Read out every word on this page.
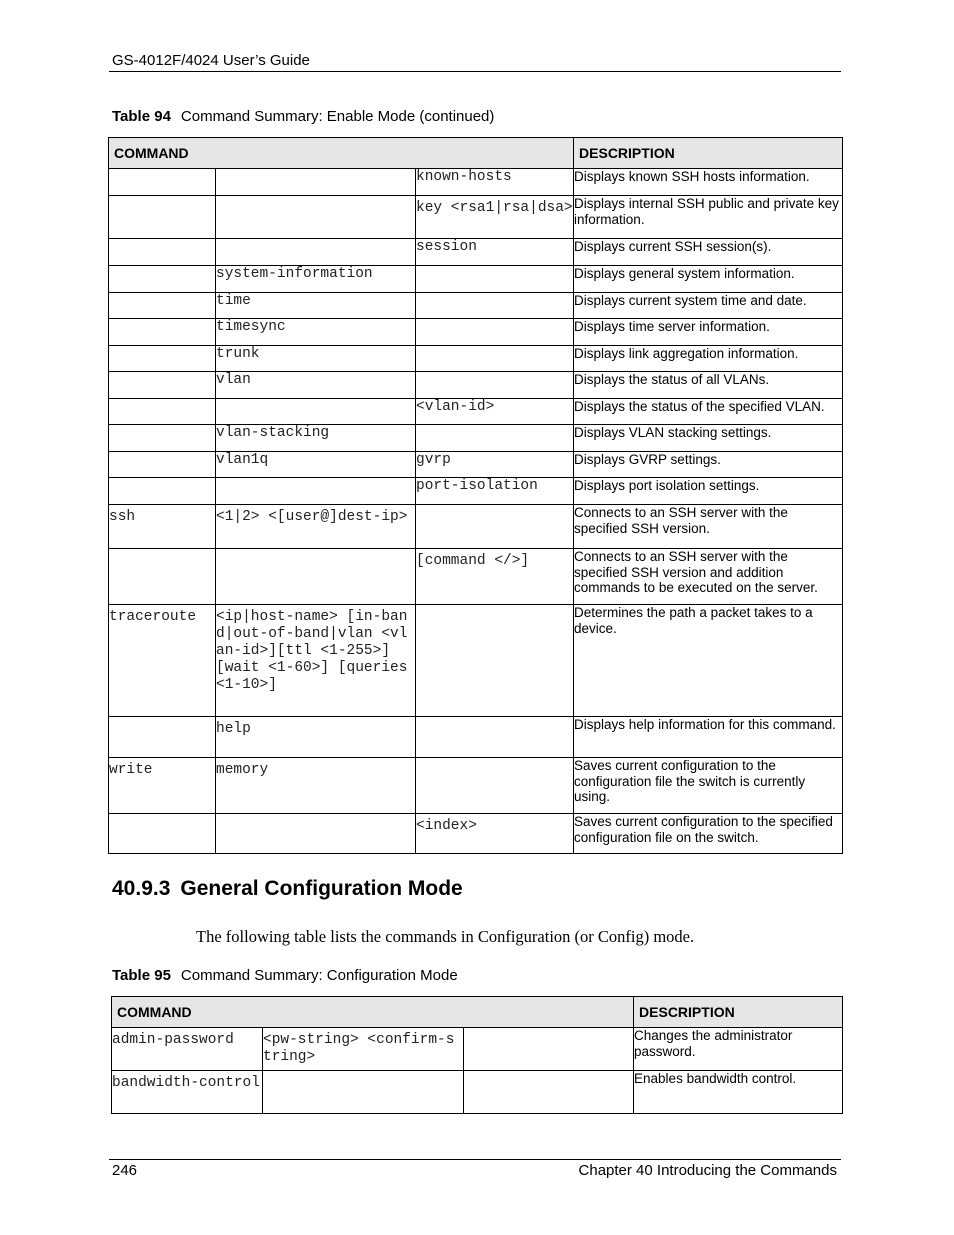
GS-4012F/4024 User’s Guide
Table 94 Command Summary: Enable Mode (continued)
COMMAND			DESCRIPTION
		known-hosts	Displays known SSH hosts information.
		key <rsa1|rsa|dsa>	Displays internal SSH public and private key information.
		session	Displays current SSH session(s).
	system-information		Displays general system information.
	time		Displays current system time and date.
	timesync		Displays time server information.
	trunk		Displays link aggregation information.
	vlan		Displays the status of all VLANs.
		<vlan-id>	Displays the status of the specified VLAN.
	vlan-stacking		Displays VLAN stacking settings.
	vlan1q	gvrp	Displays GVRP settings.
		port-isolation	Displays port isolation settings.
ssh	<1|2> <[user@]dest-ip>		Connects to an SSH server with the specified SSH version.
		[command </>]	Connects to an SSH server with the specified SSH version and addition commands to be executed on the server.
traceroute	<ip|host-name> [in-band|out-of-band|vlan <vlan-id>][ttl <1-255>] [wait <1-60>] [queries <1-10>]		Determines the path a packet takes to a device.
	help		Displays help information for this command.
write	memory		Saves current configuration to the configuration file the switch is currently using.
		<index>	Saves current configuration to the specified configuration file on the switch.
40.9.3 General Configuration Mode
The following table lists the commands in Configuration (or Config) mode.
Table 95 Command Summary: Configuration Mode
COMMAND			DESCRIPTION
admin-password	<pw-string> <confirm-string>		Changes the administrator password.
bandwidth-control			Enables bandwidth control.
246	Chapter 40 Introducing the Commands
